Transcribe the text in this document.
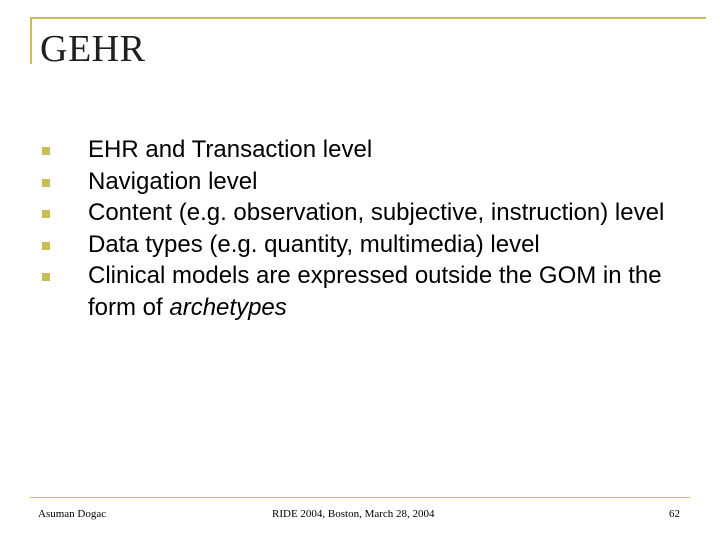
GEHR
EHR and Transaction level
Navigation level
Content (e.g. observation, subjective, instruction) level
Data types (e.g. quantity, multimedia) level
Clinical models are expressed outside the GOM in the form of archetypes
Asuman Dogac	RIDE 2004, Boston, March 28, 2004	62
